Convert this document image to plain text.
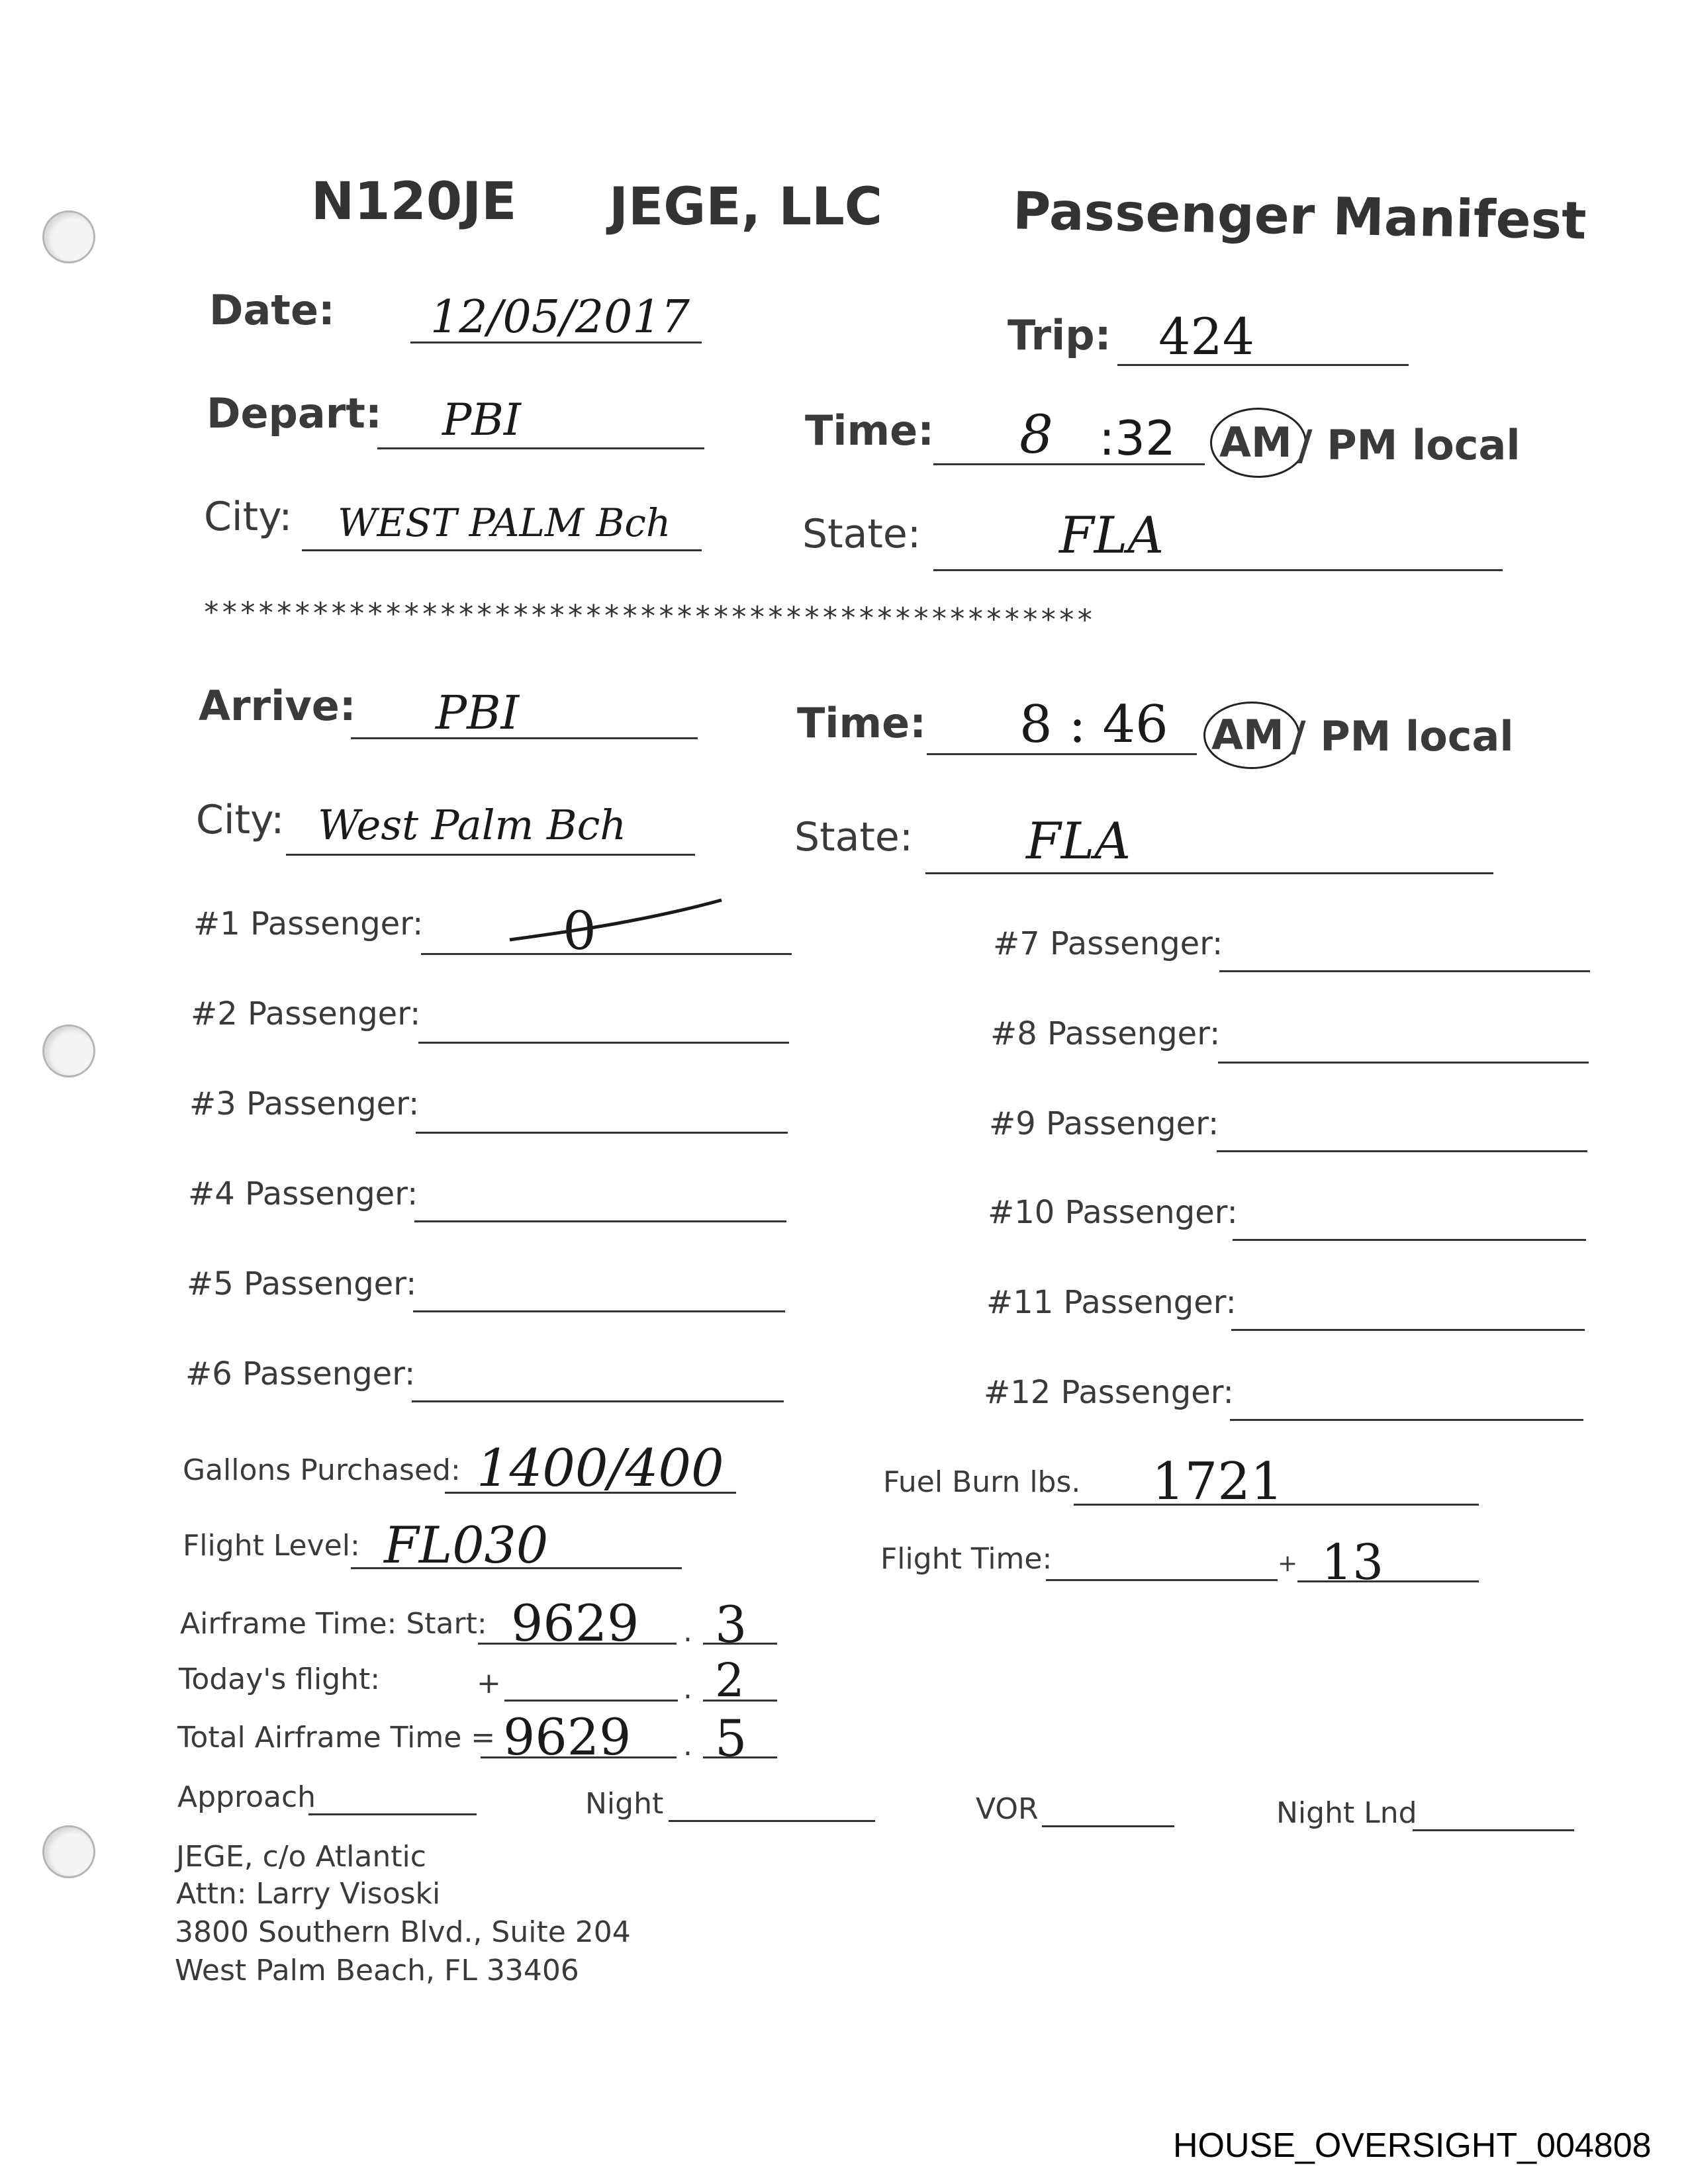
N120JE JEGE, LLC	Passenger Manifest
Date: 12/05/2017	Trip: 424
Depart: PBI	Time: 8 :32 AM / PM local
City: WEST PALM Bch	State:	FLA
*************************************************
Arrive: PBI	Time: 8 : 46 AM / PM local
City: West Palm Bch	State: FLA
#1 Passenger:	0
#2 Passenger:
#3 Passenger:
#4 Passenger:
#5 Passenger:
#6 Passenger:
#7 Passenger:
#8 Passenger:
#9 Passenger:
#10 Passenger:
#11 Passenger:
#12 Passenger:
Gallons Purchased: 1400/400	Fuel Burn lbs. 1721
Flight Level: FL030	Flight Time:	+ 13
Airframe Time: Start: 9629 . 3
Today's flight:	+	. 2
Total Airframe Time = 9629 . 5
Approach	Night	VOR	Night Lnd
JEGE, c/o Atlantic
Attn: Larry Visoski
3800 Southern Blvd., Suite 204
West Palm Beach, FL 33406
HOUSE_OVERSIGHT_004808
